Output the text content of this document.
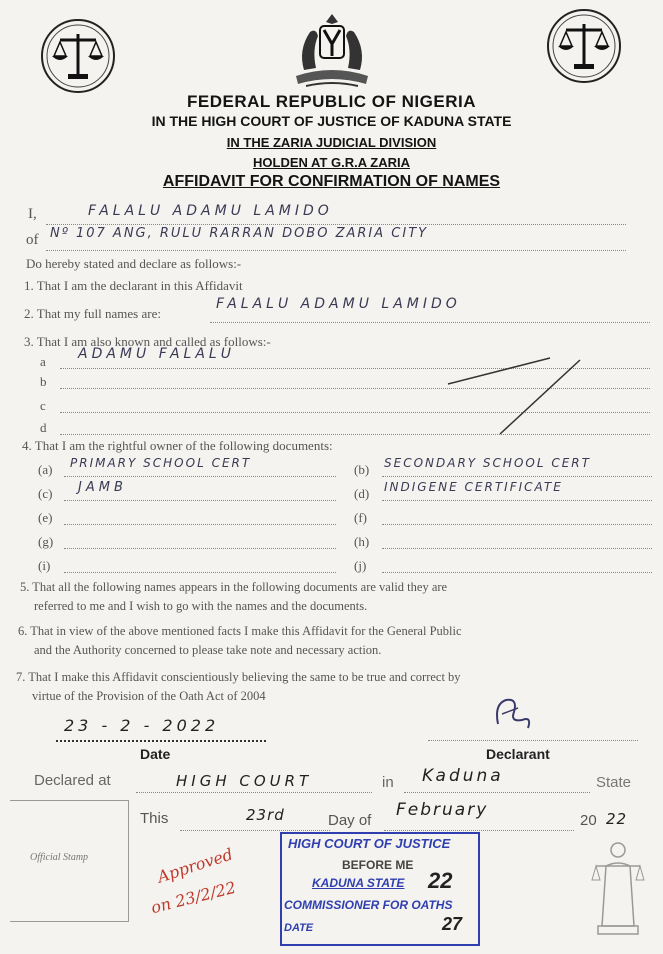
FEDERAL REPUBLIC OF NIGERIA
IN THE HIGH COURT OF JUSTICE OF KADUNA STATE
IN THE ZARIA JUDICIAL DIVISION
HOLDEN AT G.R.A ZARIA
AFFIDAVIT FOR CONFIRMATION OF NAMES
I,	FALALU ADAMU LAMIDO
of Nº 107 ANG, RULU RARRAN DOBO ZARIA CITY
Do hereby stated and declare as follows:-
1. That I am the declarant in this Affidavit
2. That my full names are:
FALALU ADAMU LAMIDO
3. That I am also known and called as follows:-
a ADAMU FALALU
b
c
d
4. That I am the rightful owner of the following documents:
(a) PRIMARY SCHOOL CERT	(b) SECONDARY SCHOOL CERT
(c) JAMB	(d) INDIGENE CERTIFICATE
(e)	(f)
(g)	(h)
(i)	(j)
5. That all the following names appears in the following documents are valid they are
referred to me and I wish to go with the names and the documents.
6. That in view of the above mentioned facts I make this Affidavit for the General Public
and the Authority concerned to please take note and necessary action.
7. That I make this Affidavit conscientiously believing the same to be true and correct by
virtue of the Provision of the Oath Act of 2004
23 - 2 - 2022
Date	Declarant
Declared at	HIGH COURT	in Kaduna	State
Official Stamp
This	23rd	Day of
February
20 22
HIGH COURT OF JUSTICE
BEFORE ME
KADUNA STATE 22
COMMISSIONER FOR OATHS
DATE	27
Approved
on 23/2/22
